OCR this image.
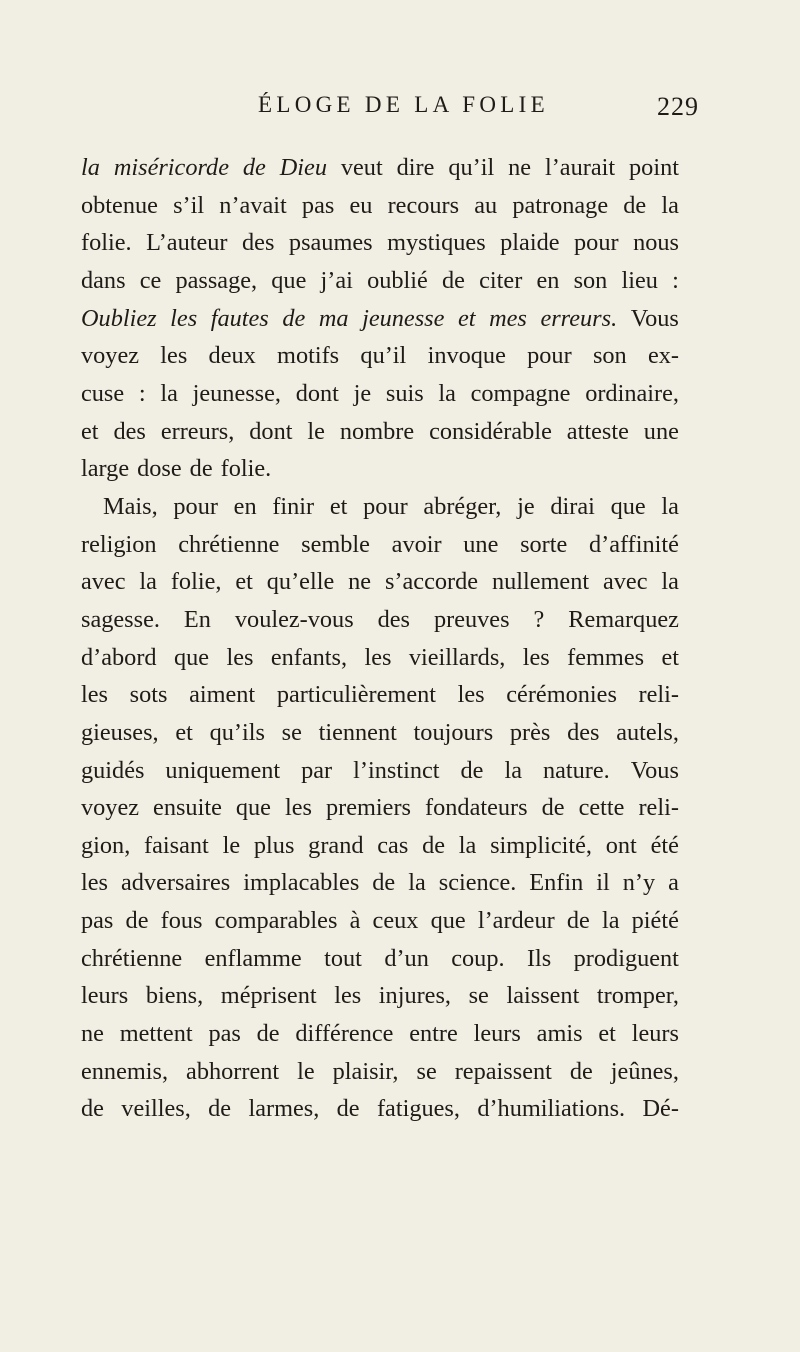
ÉLOGE DE LA FOLIE	229
la miséricorde de Dieu veut dire qu’il ne l’aurait point
obtenue s’il n’avait pas eu recours au patronage de la
folie. L’auteur des psaumes mystiques plaide pour nous
dans ce passage, que j’ai oublié de citer en son lieu :
Oubliez les fautes de ma jeunesse et mes erreurs. Vous
voyez les deux motifs qu’il invoque pour son ex-
cuse : la jeunesse, dont je suis la compagne ordinaire,
et des erreurs, dont le nombre considérable atteste une
large dose de folie.
Mais, pour en finir et pour abréger, je dirai que la
religion chrétienne semble avoir une sorte d’affinité
avec la folie, et qu’elle ne s’accorde nullement avec la
sagesse. En voulez-vous des preuves ? Remarquez
d’abord que les enfants, les vieillards, les femmes et
les sots aiment particulièrement les cérémonies reli-
gieuses, et qu’ils se tiennent toujours près des autels,
guidés uniquement par l’instinct de la nature. Vous
voyez ensuite que les premiers fondateurs de cette reli-
gion, faisant le plus grand cas de la simplicité, ont été
les adversaires implacables de la science. Enfin il n’y a
pas de fous comparables à ceux que l’ardeur de la piété
chrétienne enflamme tout d’un coup. Ils prodiguent
leurs biens, méprisent les injures, se laissent tromper,
ne mettent pas de différence entre leurs amis et leurs
ennemis, abhorrent le plaisir, se repaissent de jeûnes,
de veilles, de larmes, de fatigues, d’humiliations. Dé-
